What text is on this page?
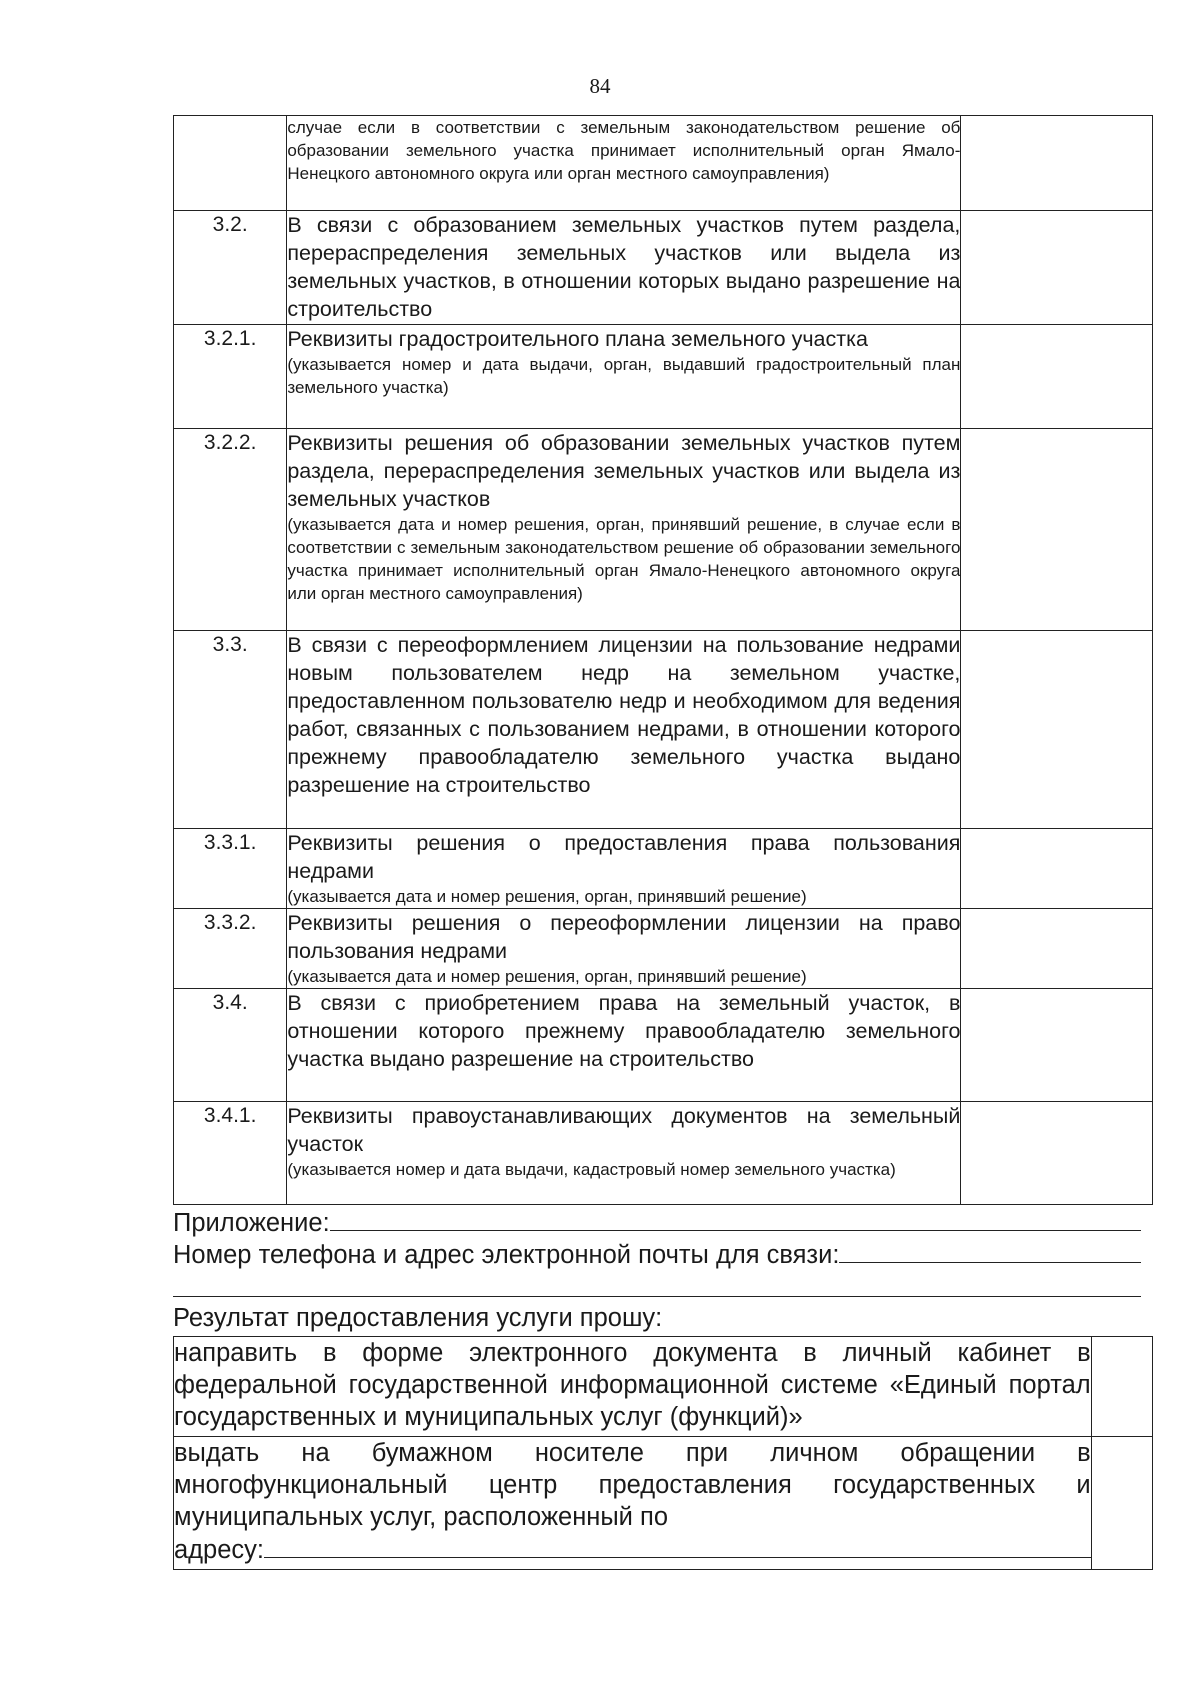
84

	случае если в соответствии с земельным законодательством решение об образовании земельного участка принимает исполнительный орган Ямало-Ненецкого автономного округа или орган местного самоуправления)	

3.2.	В связи с образованием земельных участков путем раздела, перераспределения земельных участков или выдела из земельных участков, в отношении которых выдано разрешение на строительство	

3.2.1.	Реквизиты градостроительного плана земельного участка
(указывается номер и дата выдачи, орган, выдавший градостроительный план земельного участка)	

3.2.2.	Реквизиты решения об образовании земельных участков путем раздела, перераспределения земельных участков или выдела из земельных участков
(указывается дата и номер решения, орган, принявший решение, в случае если в соответствии с земельным законодательством решение об образовании земельного участка принимает исполнительный орган Ямало-Ненецкого автономного округа или орган местного самоуправления)	

3.3.	В связи с переоформлением лицензии на пользование недрами новым пользователем недр на земельном участке, предоставленном пользователю недр и необходимом для ведения работ, связанных с пользованием недрами, в отношении которого прежнему правообладателю земельного участка выдано разрешение на строительство	

3.3.1.	Реквизиты решения о предоставления права пользования недрами
(указывается дата и номер решения, орган, принявший решение)	

3.3.2.	Реквизиты решения о переоформлении лицензии на право пользования недрами
(указывается дата и номер решения, орган, принявший решение)	

3.4.	В связи с приобретением права на земельный участок, в отношении которого прежнему правообладателю земельного участка выдано разрешение на строительство	

3.4.1.	Реквизиты правоустанавливающих документов на земельный участок
(указывается номер и дата выдачи, кадастровый номер земельного участка)	

Приложение:
Номер телефона и адрес электронной почты для связи:
Результат предоставления услуги прошу:
направить в форме электронного документа в личный кабинет в федеральной государственной информационной системе «Единый портал государственных и муниципальных услуг (функций)»	
выдать на бумажном носителе при личном обращении в многофункциональный центр предоставления государственных и муниципальных услуг, расположенный по
адресу:	
